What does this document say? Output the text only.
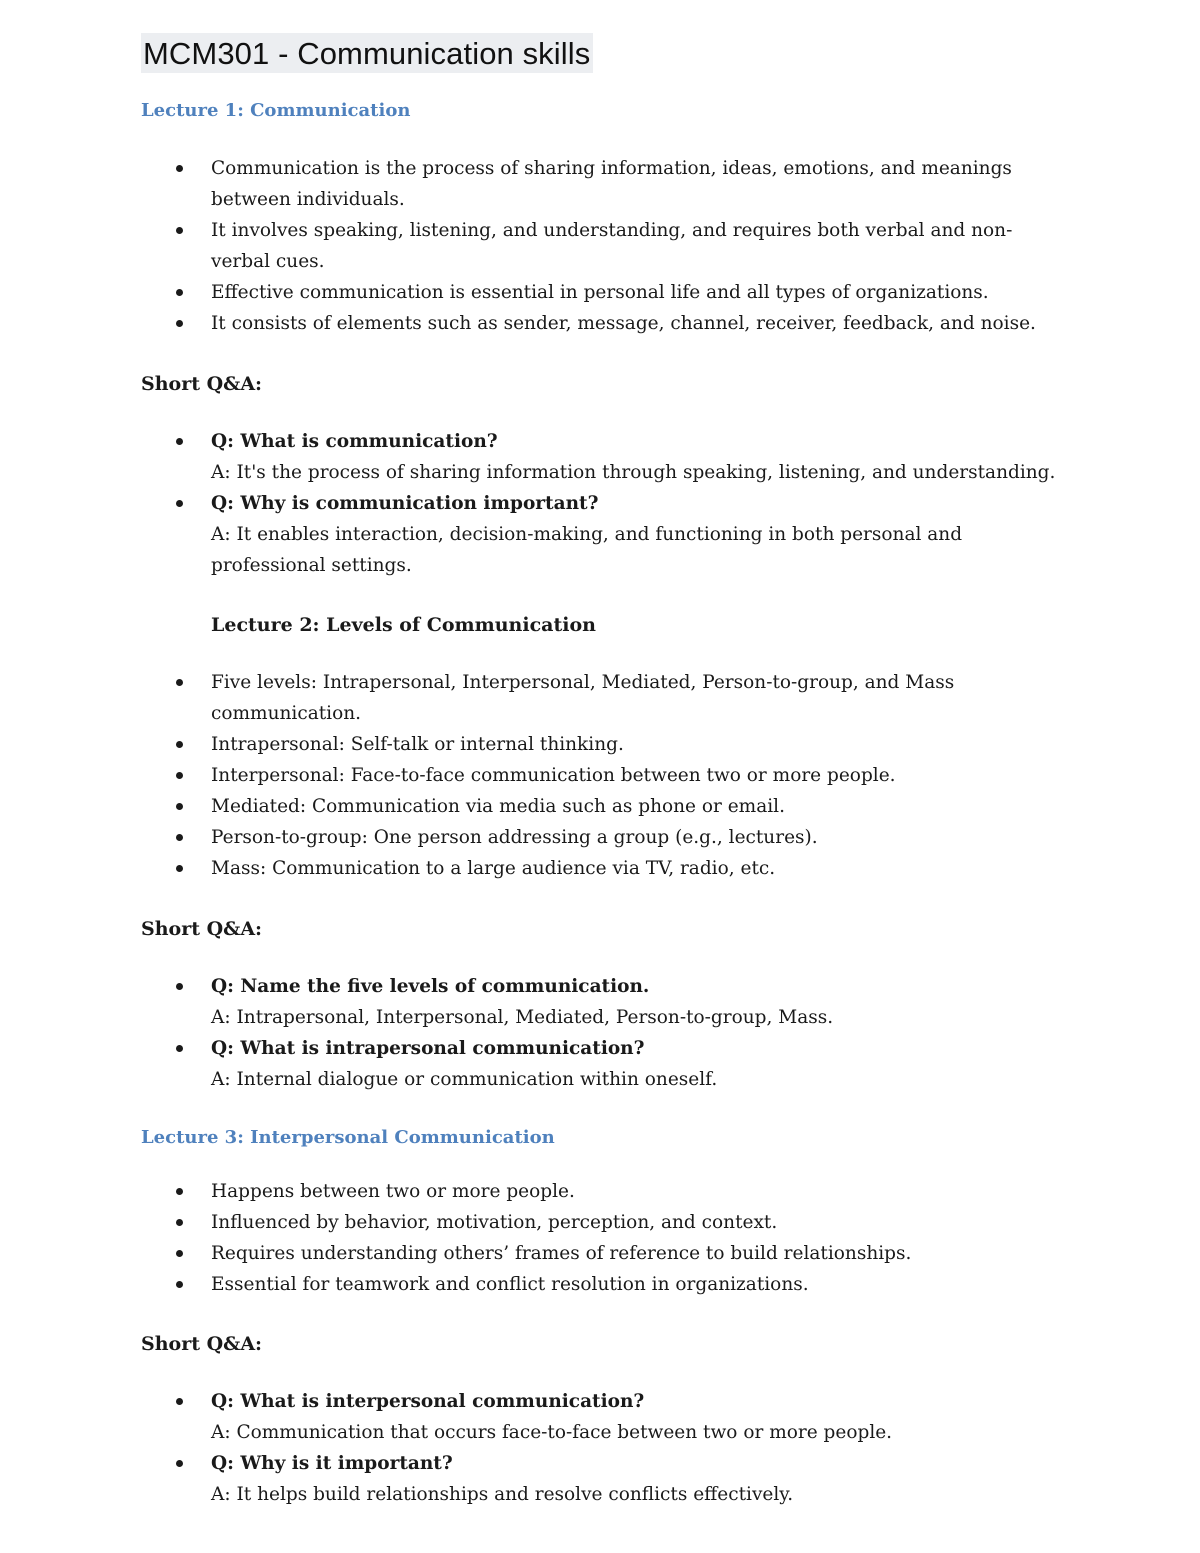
MCM301 - Communication skills
Lecture 1: Communication
Communication is the process of sharing information, ideas, emotions, and meanings between individuals.
It involves speaking, listening, and understanding, and requires both verbal and non-verbal cues.
Effective communication is essential in personal life and all types of organizations.
It consists of elements such as sender, message, channel, receiver, feedback, and noise.
Short Q&A:
Q: What is communication?
A: It's the process of sharing information through speaking, listening, and understanding.
Q: Why is communication important?
A: It enables interaction, decision-making, and functioning in both personal and professional settings.
Lecture 2: Levels of Communication
Five levels: Intrapersonal, Interpersonal, Mediated, Person-to-group, and Mass communication.
Intrapersonal: Self-talk or internal thinking.
Interpersonal: Face-to-face communication between two or more people.
Mediated: Communication via media such as phone or email.
Person-to-group: One person addressing a group (e.g., lectures).
Mass: Communication to a large audience via TV, radio, etc.
Short Q&A:
Q: Name the five levels of communication.
A: Intrapersonal, Interpersonal, Mediated, Person-to-group, Mass.
Q: What is intrapersonal communication?
A: Internal dialogue or communication within oneself.
Lecture 3: Interpersonal Communication
Happens between two or more people.
Influenced by behavior, motivation, perception, and context.
Requires understanding others’ frames of reference to build relationships.
Essential for teamwork and conflict resolution in organizations.
Short Q&A:
Q: What is interpersonal communication?
A: Communication that occurs face-to-face between two or more people.
Q: Why is it important?
A: It helps build relationships and resolve conflicts effectively.
